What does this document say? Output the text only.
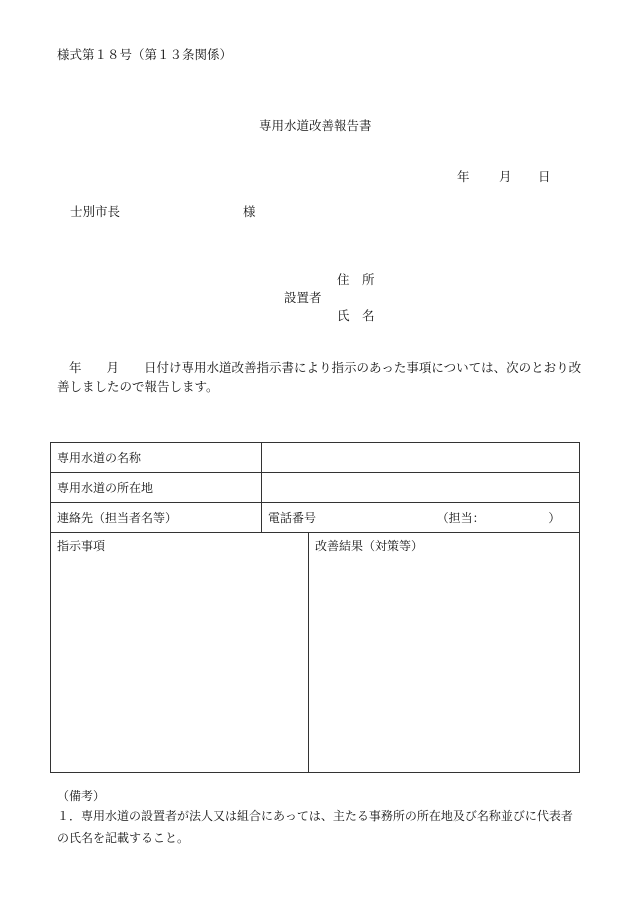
様式第１８号（第１３条関係）
専用水道改善報告書
年 月 日
士別市長	様
住　所
設置者
氏　名
年　　月　　日付け専用水道改善指示書により指示のあった事項については、次のとおり改善しましたので報告します。
専用水道の名称		
専用水道の所在地		
連絡先（担当者名等）	電話番号 （担当： ）	
指示事項		改善結果（対策等）
（備考）
１．専用水道の設置者が法人又は組合にあっては、主たる事務所の所在地及び名称並びに代表者の氏名を記載すること。
